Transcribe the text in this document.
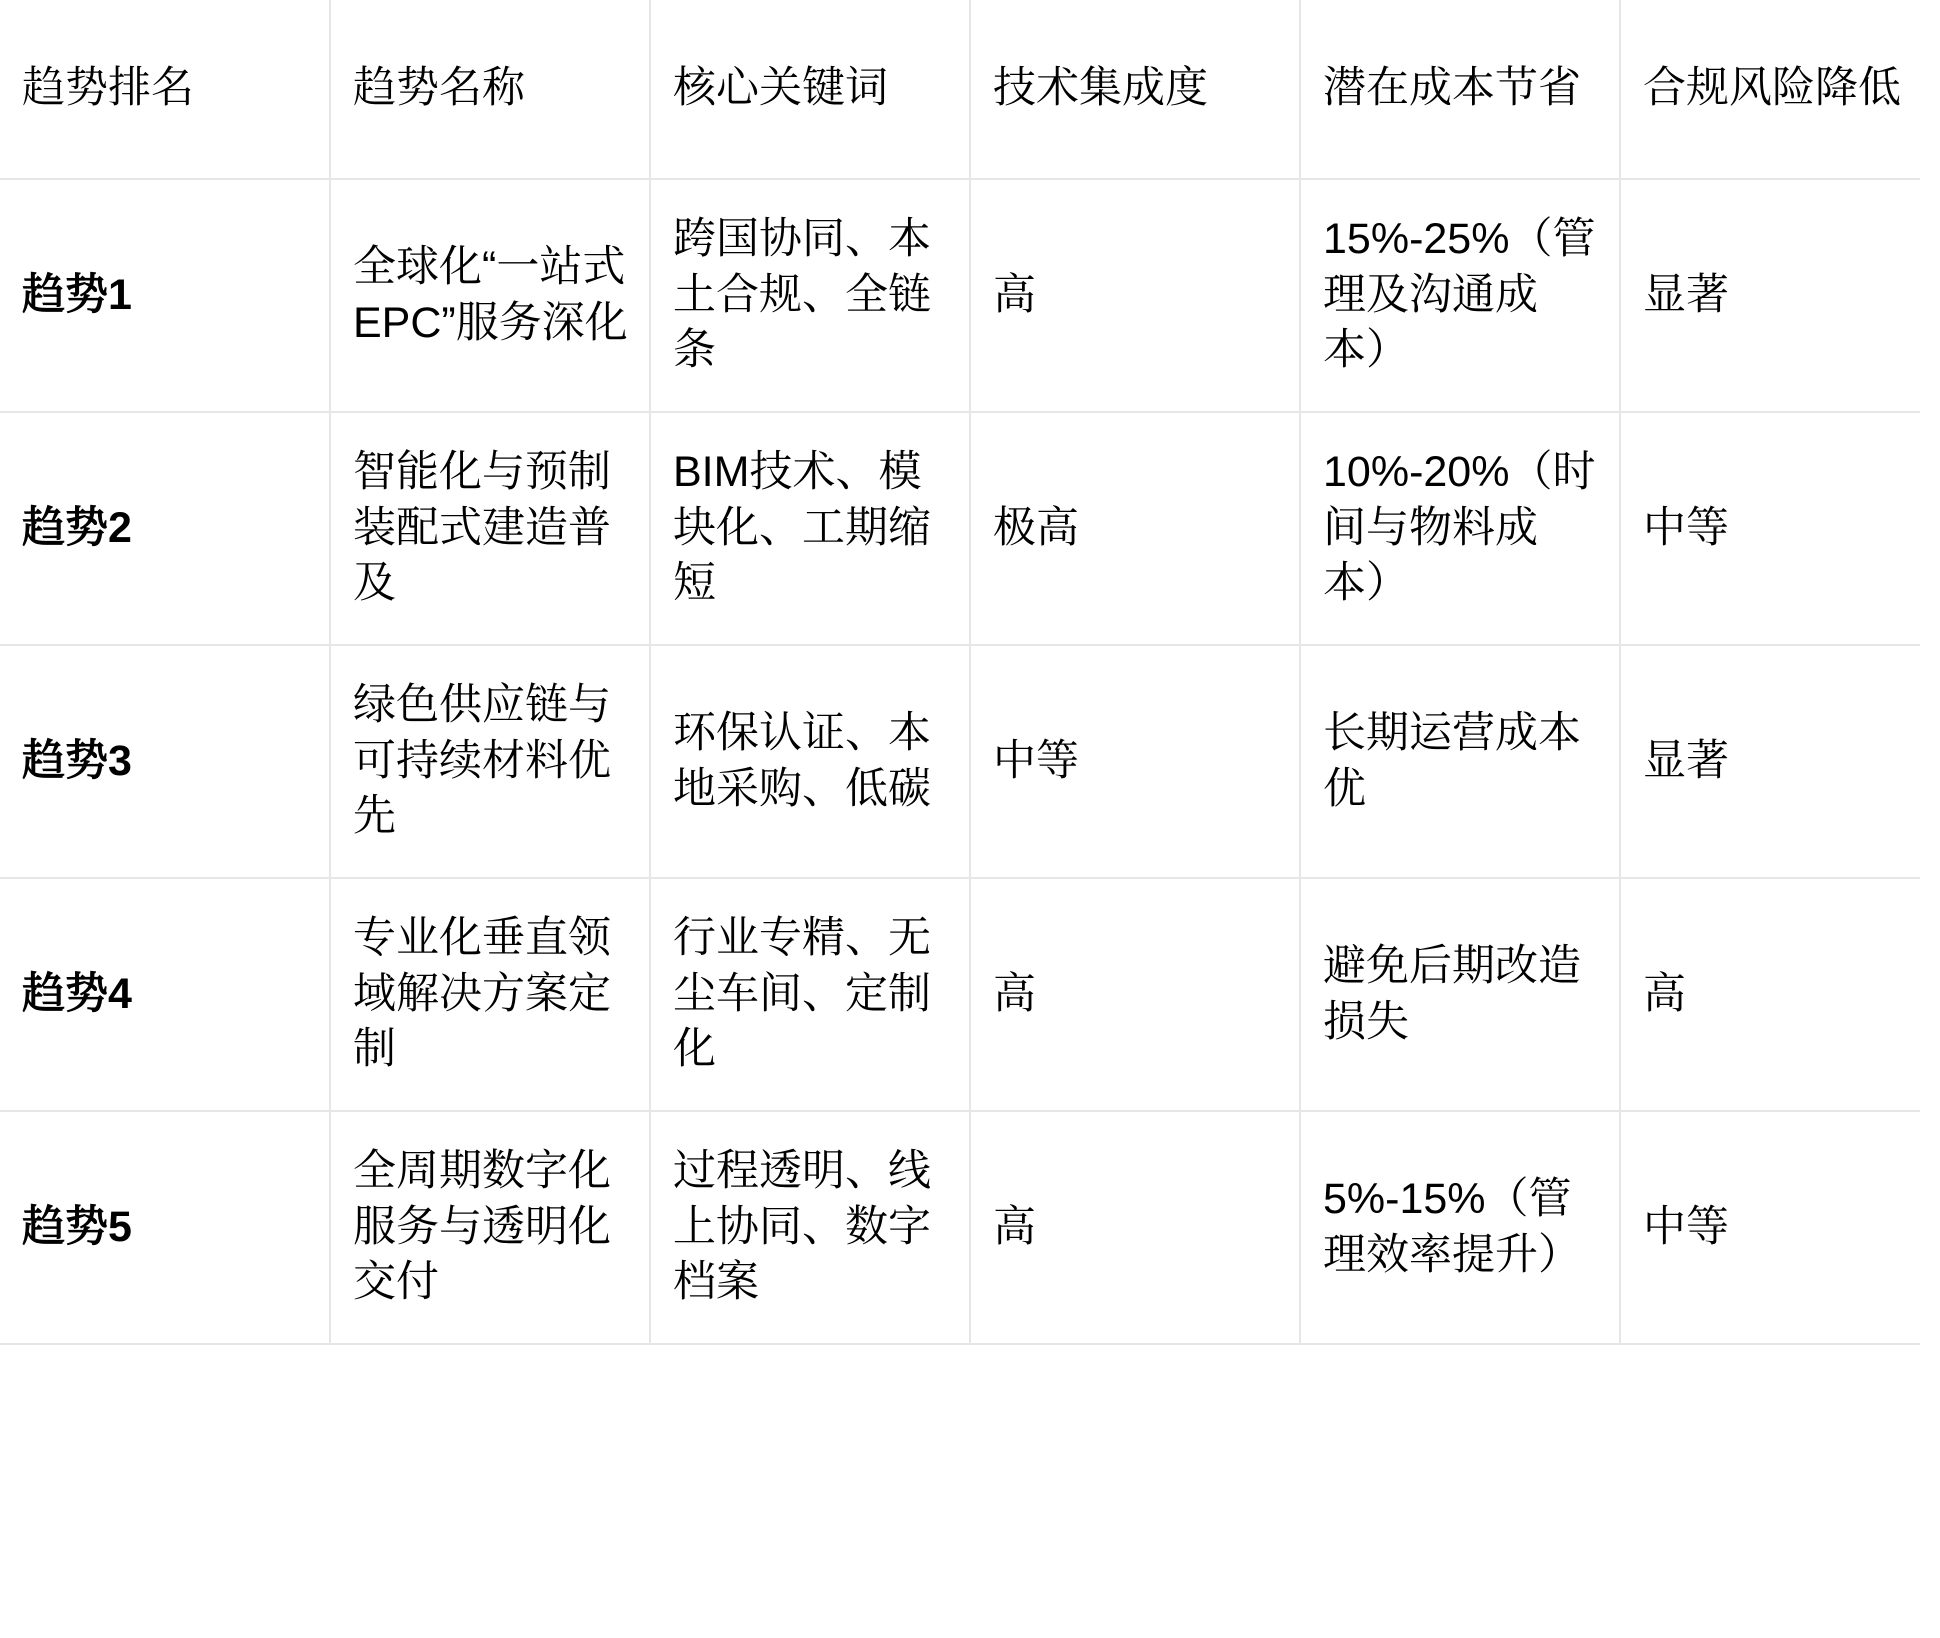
趋势排名	趋势名称	核心关键词	技术集成度	潜在成本节省	合规风险降低
趋势1	全球化“一站式EPC”服务深化	跨国协同、本土合规、全链条	高	15%-25%（管理及沟通成本）	显著
趋势2	智能化与预制装配式建造普及	BIM技术、模块化、工期缩短	极高	10%-20%（时间与物料成本）	中等
趋势3	绿色供应链与可持续材料优先	环保认证、本地采购、低碳	中等	长期运营成本优	显著
趋势4	专业化垂直领域解决方案定制	行业专精、无尘车间、定制化	高	避免后期改造损失	高
趋势5	全周期数字化服务与透明化交付	过程透明、线上协同、数字档案	高	5%-15%（管理效率提升）	中等
